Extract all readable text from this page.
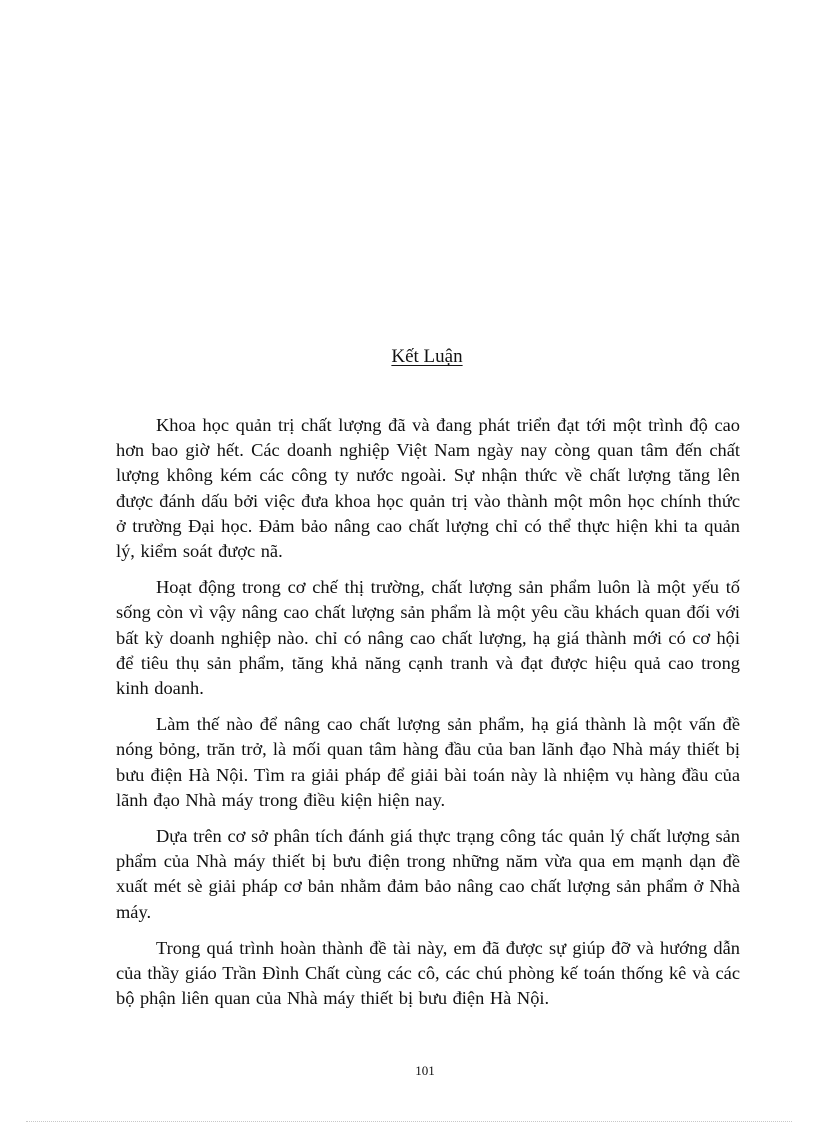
Kết Luận

Khoa học quản trị chất lượng đã và đang phát triển đạt tới một trình độ cao hơn bao giờ hết. Các doanh nghiệp Việt Nam ngày nay còng quan tâm đến chất lượng không kém các công ty nước ngoài. Sự nhận thức về chất lượng tăng lên được đánh dấu bởi việc đưa khoa học quản trị vào thành một môn học chính thức ở trường Đại học. Đảm bảo nâng cao chất lượng chỉ có thể thực hiện khi ta quản lý, kiểm soát được nã.

Hoạt động trong cơ chế thị trường, chất lượng sản phẩm luôn là một yếu tố sống còn vì vậy nâng cao chất lượng sản phẩm là một yêu cầu khách quan đối với bất kỳ doanh nghiệp nào. chỉ có nâng cao chất lượng, hạ giá thành mới có cơ hội để tiêu thụ sản phẩm, tăng khả năng cạnh tranh và đạt được hiệu quả cao trong kinh doanh.

Làm thế nào để nâng cao chất lượng sản phẩm, hạ giá thành là một vấn đề nóng bỏng, trăn trở, là mối quan tâm hàng đầu của ban lãnh đạo Nhà máy thiết bị bưu điện Hà Nội. Tìm ra giải pháp để giải bài toán này là nhiệm vụ hàng đầu của lãnh đạo Nhà máy trong điều kiện hiện nay.

Dựa trên cơ sở phân tích đánh giá thực trạng công tác quản lý chất lượng sản phẩm của Nhà máy thiết bị bưu điện trong những năm vừa qua em mạnh dạn đề xuất mét sè giải pháp cơ bản nhằm đảm bảo nâng cao chất lượng sản phẩm ở Nhà máy.

Trong quá trình hoàn thành đề tài này, em đã được sự giúp đỡ và hướng dẫn của thầy giáo Trần Đình Chất cùng các cô, các chú phòng kế toán thống kê và các bộ phận liên quan của Nhà máy thiết bị bưu điện Hà Nội.

101
